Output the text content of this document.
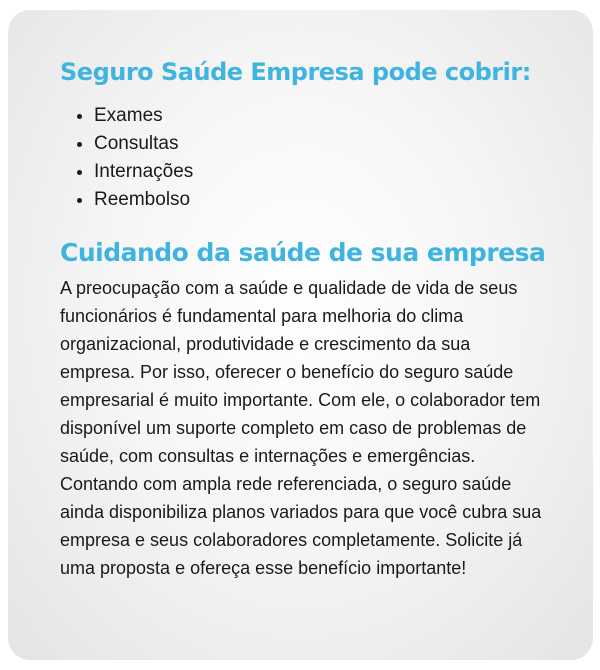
Seguro Saúde Empresa pode cobrir:
• Exames
• Consultas
• Internações
• Reembolso
Cuidando da saúde de sua empresa

A preocupação com a saúde e qualidade de vida de seus funcionários é fundamental para melhoria do clima organizacional, produtividade e crescimento da sua empresa. Por isso, oferecer o benefício do seguro saúde empresarial é muito importante. Com ele, o colaborador tem disponível um suporte completo em caso de problemas de saúde, com consultas e internações e emergências. Contando com ampla rede referenciada, o seguro saúde ainda disponibiliza planos variados para que você cubra sua empresa e seus colaboradores completamente. Solicite já uma proposta e ofereça esse benefício importante!
